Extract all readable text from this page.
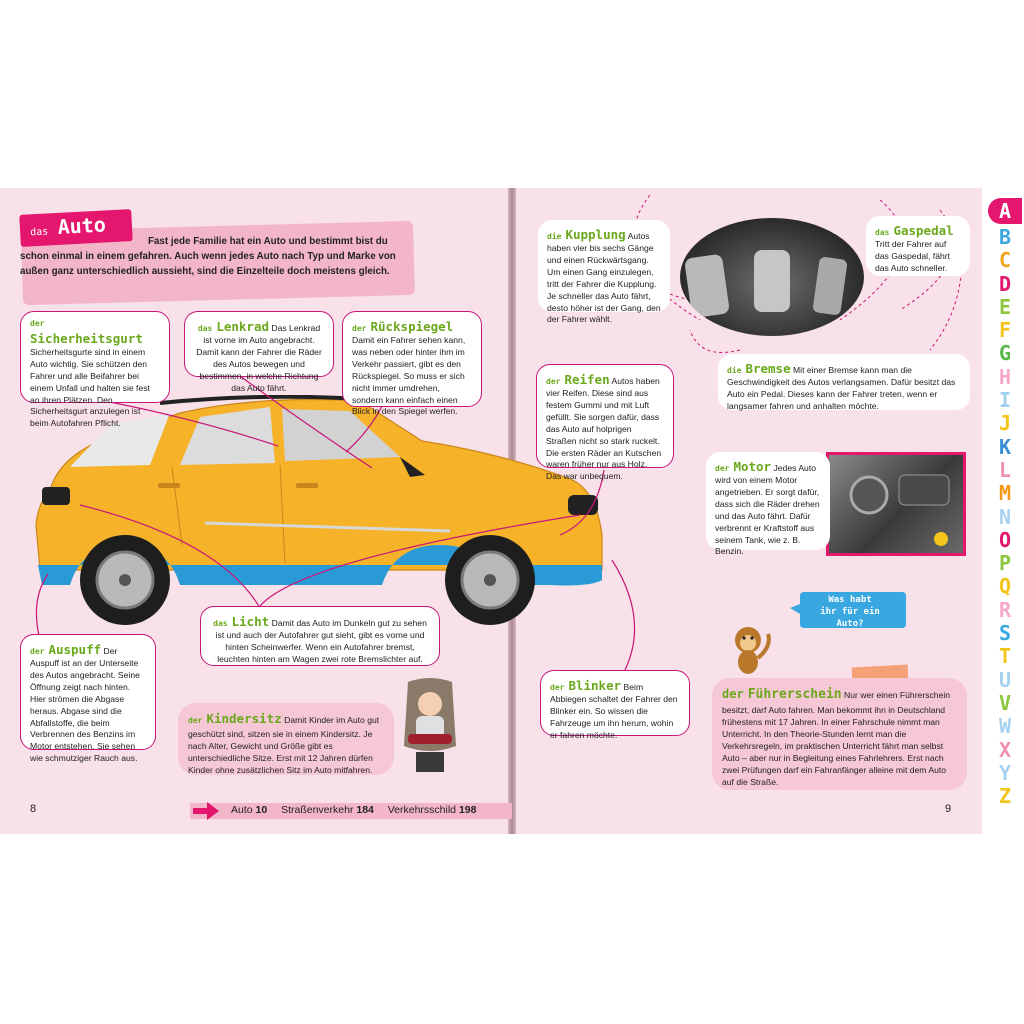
das Auto
Fast jede Familie hat ein Auto und bestimmt bist du schon einmal in einem gefahren. Auch wenn jedes Auto nach Typ und Marke von außen ganz unterschiedlich aussieht, sind die Einzelteile doch meistens gleich.
derSicherheitsgurt
Sicherheitsgurte sind in einem Auto wichtig. Sie schützen den Fahrer und alle Beifahrer bei einem Unfall und halten sie fest an ihren Plätzen. Den Sicherheitsgurt anzulegen ist beim Autofahren Pflicht.
das Lenkrad Das Lenkrad ist vorne im Auto angebracht. Damit kann der Fahrer die Räder des Autos bewegen und bestimmen, in welche Richtung das Auto fährt.
der Rückspiegel Damit ein Fahrer sehen kann, was neben oder hinter ihm im Verkehr passiert, gibt es den Rückspiegel. So muss er sich nicht immer umdrehen, sondern kann einfach einen Blick in den Spiegel werfen.
der Auspuff Der Auspuff ist an der Unterseite des Autos angebracht. Seine Öffnung zeigt nach hinten. Hier strömen die Abgase heraus. Abgase sind die Abfallstoffe, die beim Verbrennen des Benzins im Motor entstehen. Sie sehen wie schmutziger Rauch aus.
das Licht Damit das Auto im Dunkeln gut zu sehen ist und auch der Autofahrer gut sieht, gibt es vorne und hinten Scheinwerfer. Wenn ein Autofahrer bremst, leuchten hinten am Wagen zwei rote Bremslichter auf.
der Kindersitz Damit Kinder im Auto gut geschützt sind, sitzen sie in einem Kindersitz. Je nach Alter, Gewicht und Größe gibt es unterschiedliche Sitze. Erst mit 12 Jahren dürfen Kinder ohne zusätzlichen Sitz im Auto mitfahren.
die Kupplung Autos haben vier bis sechs Gänge und einen Rückwärtsgang. Um einen Gang einzulegen, tritt der Fahrer die Kupplung. Je schneller das Auto fährt, desto höher ist der Gang, den der Fahrer wählt.
das Gaspedal
Tritt der Fahrer auf das Gaspedal, fährt das Auto schneller.
die Bremse Mit einer Bremse kann man die Geschwindigkeit des Autos verlangsamen. Dafür besitzt das Auto ein Pedal. Dieses kann der Fahrer treten, wenn er langsamer fahren und anhalten möchte.
der Reifen Autos haben vier Reifen. Diese sind aus festem Gummi und mit Luft gefüllt. Sie sorgen dafür, dass das Auto auf holprigen Straßen nicht so stark ruckelt. Die ersten Räder an Kutschen waren früher nur aus Holz. Das war unbequem.
der Motor Jedes Auto wird von einem Motor angetrieben. Er sorgt dafür, dass sich die Räder drehen und das Auto fährt. Dafür verbrennt er Kraftstoff aus seinem Tank, wie z. B. Benzin.
der Blinker Beim Abbiegen schaltet der Fahrer den Blinker ein. So wissen die Fahrzeuge um ihn herum, wohin er fahren möchte.
Was habt
ihr für ein Auto?
der Führerschein Nur wer einen Führerschein besitzt, darf Auto fahren. Man bekommt ihn in Deutschland frühestens mit 17 Jahren. In einer Fahrschule nimmt man Unterricht. In den Theorie-Stunden lernt man die Verkehrsregeln, im praktischen Unterricht fährt man selbst Auto – aber nur in Begleitung eines Fahrlehrers. Erst nach zwei Prüfungen darf ein Fahranfänger alleine mit dem Auto auf die Straße.
8	9
Auto 10 Straßenverkehr 184 Verkehrsschild 198
A
B
C
D
E
F
G
H
I
J
K
L
M
N
O
P
Q
R
S
T
U
V
W
X
Y
Z
